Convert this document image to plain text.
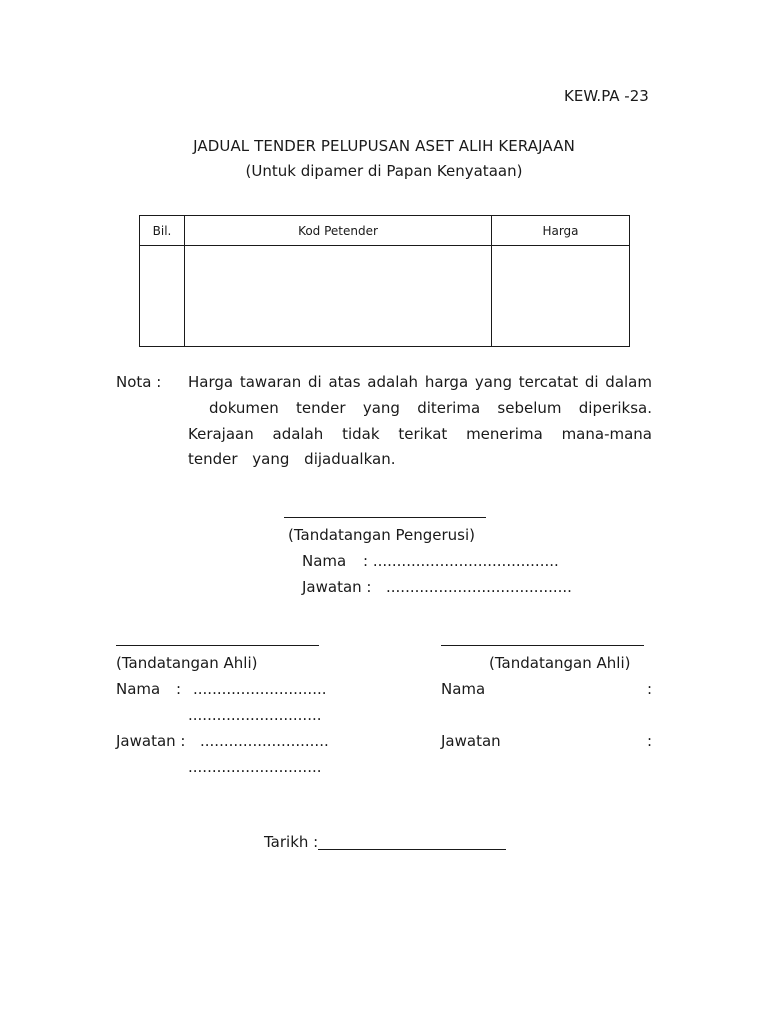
KEW.PA -23
JADUAL TENDER PELUPUSAN ASET ALIH KERAJAAN
(Untuk dipamer di Papan Kenyataan)
Bil.	Kod Petender	Harga

Nota : Harga tawaran di atas adalah harga yang tercatat di dalam
dokumen tender yang diterima sebelum diperiksa.
Kerajaan adalah tidak terikat menerima mana-mana
tender yang dijadualkan.
(Tandatangan Pengerusi)
Nama : .......................................
Jawatan : .......................................
(Tandatangan Ahli)
Nama : ............................
............................
Jawatan : ...........................
............................
(Tandatangan Ahli)
Nama	:
Jawatan	:
Tarikh :
